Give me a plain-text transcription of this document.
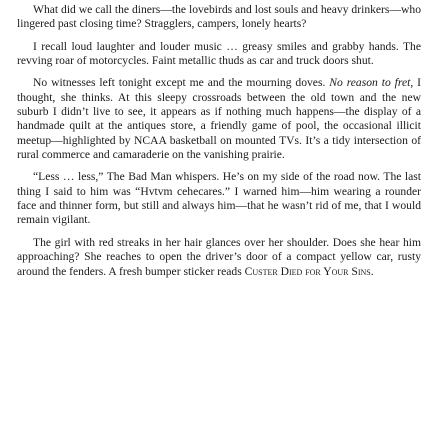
What did we call the diners—the lovebirds and lost souls and heavy drinkers—who lingered past closing time? Stragglers, campers, lonely hearts?

I recall loud laughter and louder music … greasy smiles and grabby hands. The revving roar of motorcycles. Faint metallic thuds as car and truck doors shut.

No witnesses left tonight except me and the mourning doves. No reason to fret, I thought, she thinks. At this sleepy crossroads between the old town and the new suburb I didn’t live to see, it appears as if nothing much happens—the display of a handmade quilt at the antiques store, a friendly game of pool, the occasional illicit meetup—highlighted by NCAA basketball on mounted TVs. It’s a tidy intersection of rural commerce and camaraderie on the vanishing prairie.

“Less … less,” The Bad Man whispers. He’s on my side of the road now. The last thing I said to him was “Hvtvm cehecares.” I warned him—him wearing a rounder face and thinner form, but still and always him—that he wasn’t rid of me, that I would remain vigilant.

The girl with red streaks in her hair glances over her shoulder. Does she hear him approaching? She reaches to open the driver’s door of a compact yellow car, rusty around the fenders. A fresh bumper sticker reads Custer Died for Your Sins.
